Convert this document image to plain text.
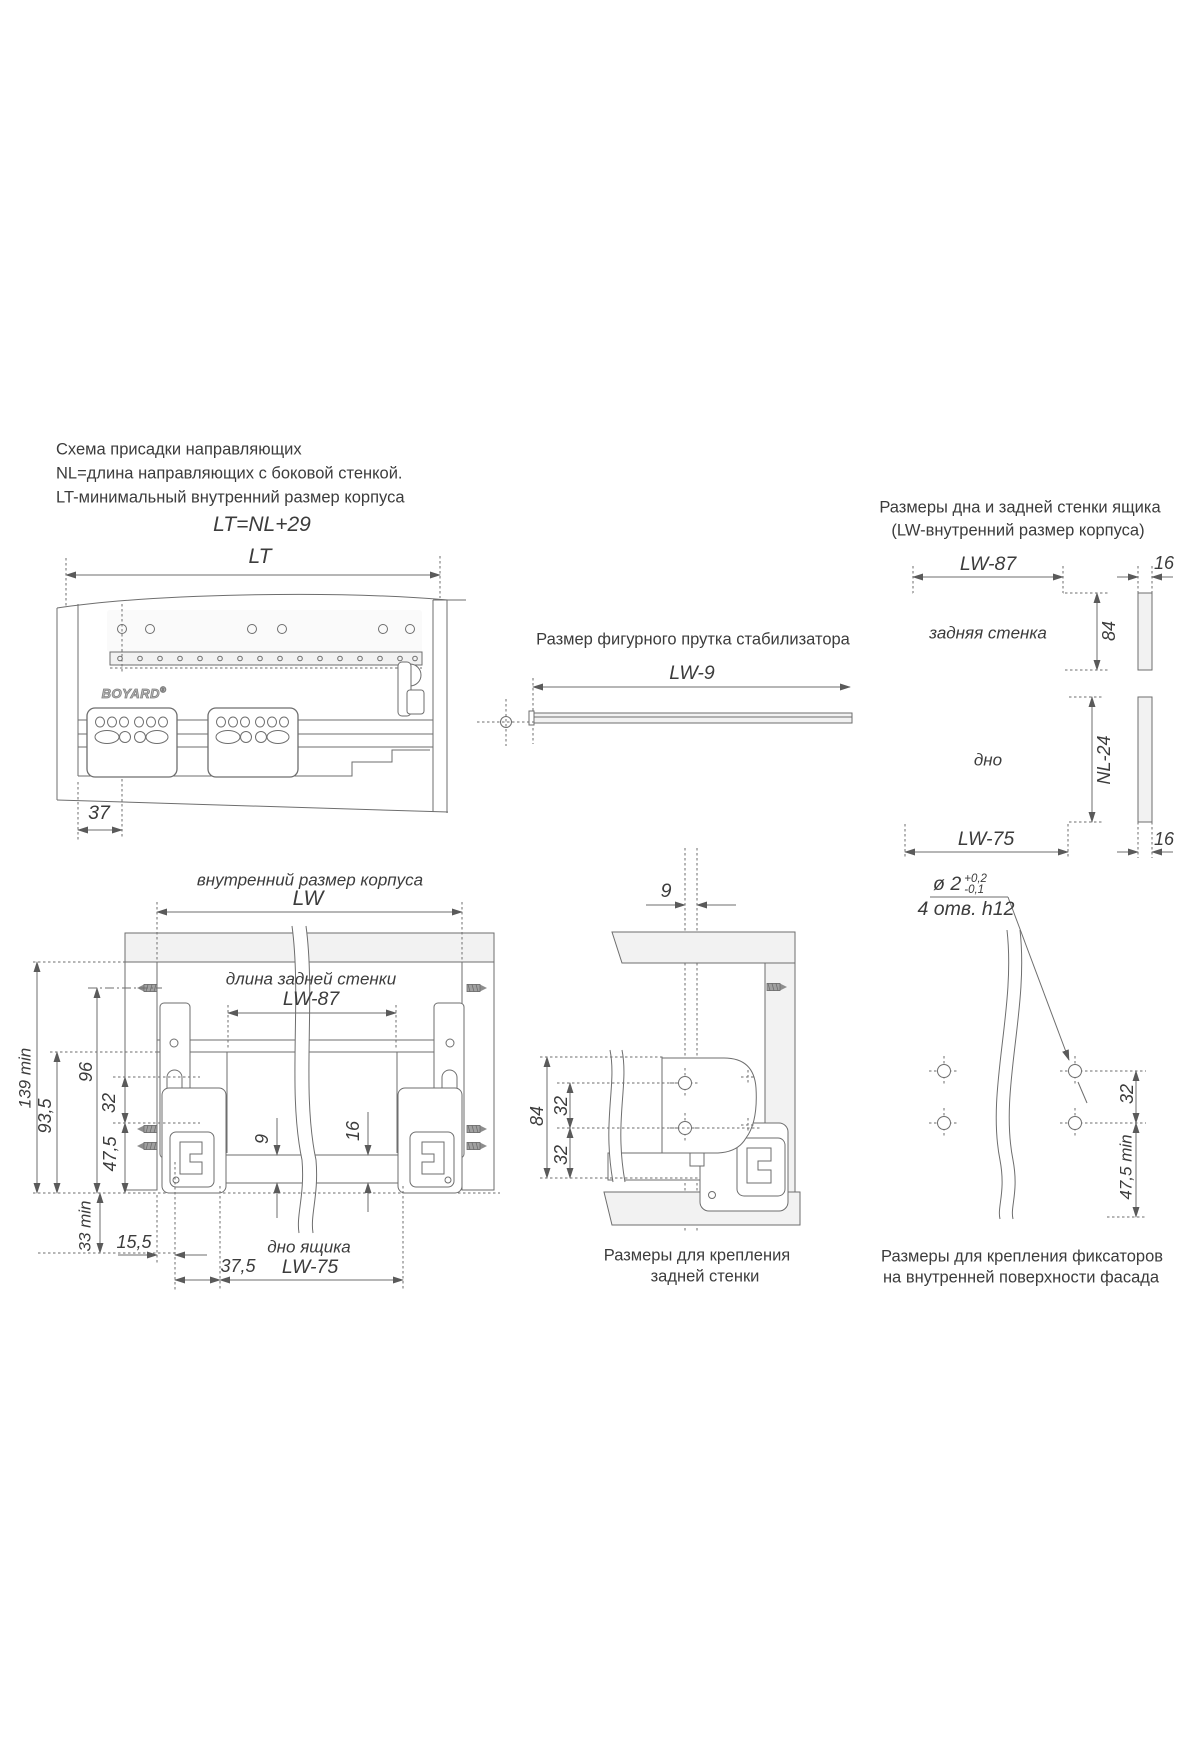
Схема присадки направляющих
NL=длина направляющих с боковой стенкой.
LT-минимальный внутренний размер корпуса
LT=NL+29
LT
37
BOYARD®
Размер фигурного прутка стабилизатора
LW-9
Размеры дна и задней стенки ящика
(LW-внутренний размер корпуса)
LW-87
задняя стенка	84
16
дно	NL-24
LW-75	16
внутренний размер корпуса
LW
длина задней стенки
LW-87
139 min
93,5
96
32
47,5
33 min 15,5
37,5
9	16
дно ящика
LW-75
9
84 32
32
Размеры для крепления
задней стенки
ø 2 +0,2
-0,1
4 отв. h12
32
47,5 min
Размеры для крепления фиксаторов
на внутренней поверхности фасада
